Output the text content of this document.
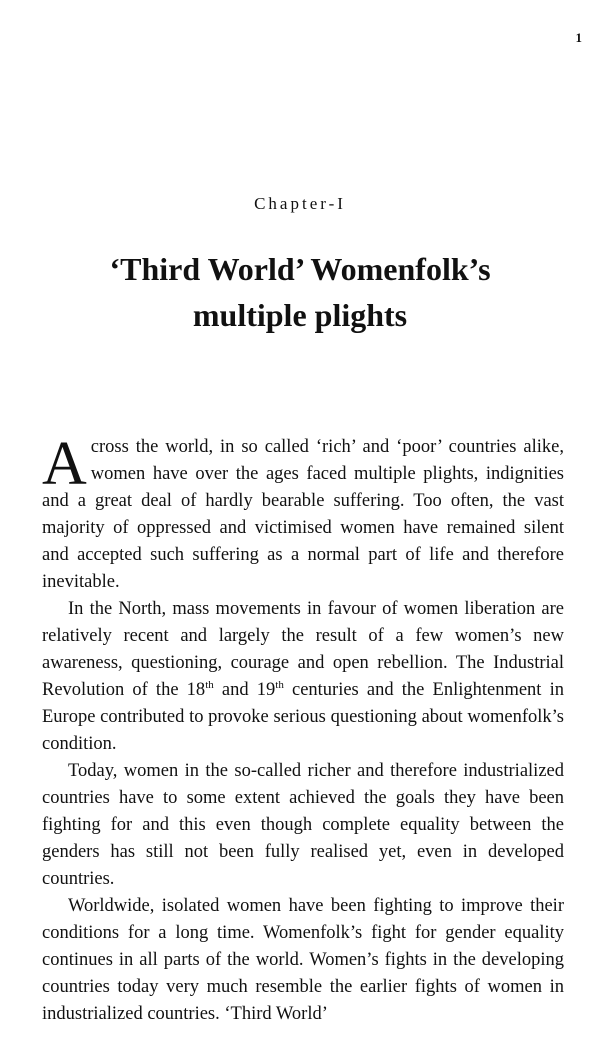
1
Chapter-I
‘Third World’ Womenfolk’s
multiple plights

Across the world, in so called ‘rich’ and ‘poor’ countries alike, women have over the ages faced multiple plights, indignities and a great deal of hardly bearable suffering. Too often, the vast majority of oppressed and victimised women have remained silent and accepted such suffering as a normal part of life and therefore inevitable.

In the North, mass movements in favour of women liberation are relatively recent and largely the result of a few women’s new awareness, questioning, courage and open rebellion. The Industrial Revolution of the 18th and 19th centuries and the Enlightenment in Europe contributed to provoke serious questioning about womenfolk’s condition.

Today, women in the so-called richer and therefore industrialized countries have to some extent achieved the goals they have been fighting for and this even though complete equality between the genders has still not been fully realised yet, even in developed countries.

Worldwide, isolated women have been fighting to improve their conditions for a long time. Womenfolk’s fight for gender equality continues in all parts of the world. Women’s fights in the developing countries today very much resemble the earlier fights of women in industrialized countries. ‘Third World’
